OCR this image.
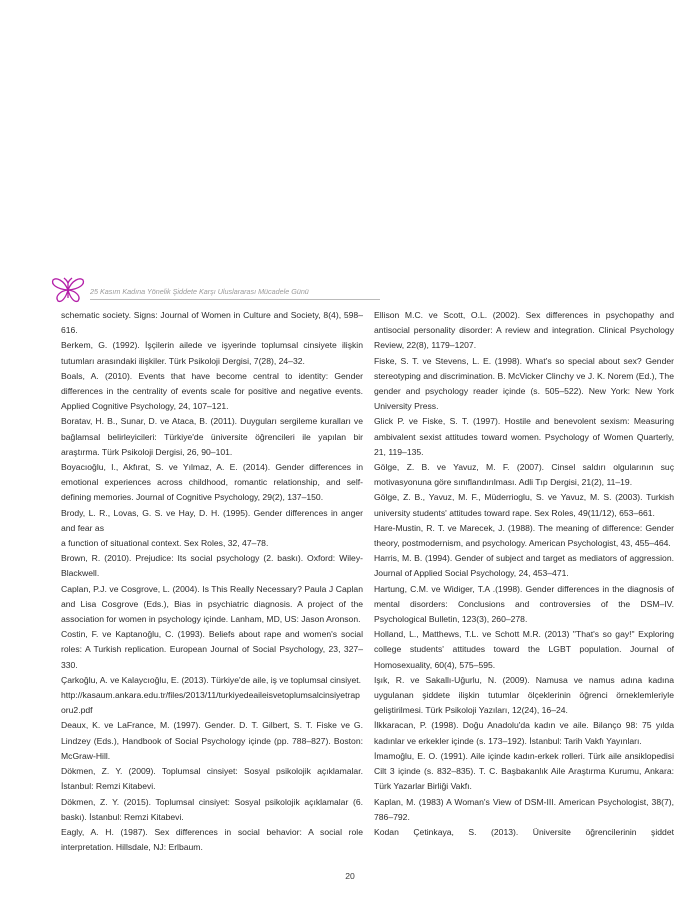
25 Kasım Kadına Yönelik Şiddete Karşı Uluslararası Mücadele Günü

schematic society. Signs: Journal of Women in Culture and Society, 8(4), 598–616.

Berkem, G. (1992). İşçilerin ailede ve işyerinde toplumsal cinsiyete ilişkin tutumları arasındaki ilişkiler. Türk Psikoloji Dergisi, 7(28), 24–32.

Boals, A. (2010). Events that have become central to identity: Gender differences in the centrality of events scale for positive and negative events. Applied Cognitive Psychology, 24, 107–121.

Boratav, H. B., Sunar, D. ve Ataca, B. (2011). Duyguları sergileme kuralları ve bağlamsal belirleyicileri: Türkiye'de üniversite öğrencileri ile yapılan bir araştırma. Türk Psikoloji Dergisi, 26, 90–101.

Boyacıoğlu, I., Akfırat, S. ve Yılmaz, A. E. (2014). Gender differences in emotional experiences across childhood, romantic relationship, and self-defining memories. Journal of Cognitive Psychology, 29(2), 137–150.

Brody, L. R., Lovas, G. S. ve Hay, D. H. (1995). Gender differences in anger and fear as

a function of situational context. Sex Roles, 32, 47–78.

Brown, R. (2010). Prejudice: Its social psychology (2. baskı). Oxford: Wiley-Blackwell.

Caplan, P.J. ve Cosgrove, L. (2004). Is This Really Necessary? Paula J Caplan and Lisa Cosgrove (Eds.), Bias in psychiatric diagnosis. A project of the association for women in psychology içinde. Lanham, MD, US: Jason Aronson.

Costin, F. ve Kaptanoğlu, C. (1993). Beliefs about rape and women's social roles: A Turkish replication. European Journal of Social Psychology, 23, 327–330.

Çarkoğlu, A. ve Kalaycıoğlu, E. (2013). Türkiye'de aile, iş ve toplumsal cinsiyet. http://kasaum.ankara.edu.tr/files/2013/11/turkiyedeaileisvetoplumsalcinsiyetraporu2.pdf

Deaux, K. ve LaFrance, M. (1997). Gender. D. T. Gilbert, S. T. Fiske ve G. Lindzey (Eds.), Handbook of Social Psychology içinde (pp. 788–827). Boston: McGraw-Hill.

Dökmen, Z. Y. (2009). Toplumsal cinsiyet: Sosyal psikolojik açıklamalar. İstanbul: Remzi Kitabevi.

Dökmen, Z. Y. (2015). Toplumsal cinsiyet: Sosyal psikolojik açıklamalar (6. baskı). İstanbul: Remzi Kitabevi.

Eagly, A. H. (1987). Sex differences in social behavior: A social role interpretation. Hillsdale, NJ: Erlbaum.

Ellison M.C. ve Scott, O.L. (2002). Sex differences in psychopathy and antisocial personality disorder: A review and integration. Clinical Psychology Review, 22(8), 1179–1207.

Fiske, S. T. ve Stevens, L. E. (1998). What's so special about sex? Gender stereotyping and discrimination. B. McVicker Clinchy ve J. K. Norem (Ed.), The gender and psychology reader içinde (s. 505–522). New York: New York University Press.

Glick P. ve Fiske, S. T. (1997). Hostile and benevolent sexism: Measuring ambivalent sexist attitudes toward women. Psychology of Women Quarterly, 21, 119–135.

Gölge, Z. B. ve Yavuz, M. F. (2007). Cinsel saldırı olgularının suç motivasyonuna göre sınıflandırılması. Adli Tıp Dergisi, 21(2), 11–19.

Gölge, Z. B., Yavuz, M. F., Müderrioglu, S. ve Yavuz, M. S. (2003). Turkish university students' attitudes toward rape. Sex Roles, 49(11/12), 653–661.

Hare-Mustin, R. T. ve Marecek, J. (1988). The meaning of difference: Gender theory, postmodernism, and psychology. American Psychologist, 43, 455–464.

Harris, M. B. (1994). Gender of subject and target as mediators of aggression. Journal of Applied Social Psychology, 24, 453–471.

Hartung, C.M. ve Widiger, T.A .(1998). Gender differences in the diagnosis of mental disorders: Conclusions and controversies of the DSM–IV. Psychological Bulletin, 123(3), 260–278.

Holland, L., Matthews, T.L. ve Schott M.R. (2013) "That's so gay!" Exploring college students' attitudes toward the LGBT population. Journal of Homosexuality, 60(4), 575–595.

Işık, R. ve Sakallı-Uğurlu, N. (2009). Namusa ve namus adına kadına uygulanan şiddete ilişkin tutumlar ölçeklerinin öğrenci örneklemleriyle geliştirilmesi. Türk Psikoloji Yazıları, 12(24), 16–24.

İlkkaracan, P. (1998). Doğu Anadolu'da kadın ve aile. Bilanço 98: 75 yılda kadınlar ve erkekler içinde (s. 173–192). İstanbul: Tarih Vakfı Yayınları.

İmamoğlu, E. O. (1991). Aile içinde kadın-erkek rolleri. Türk aile ansiklopedisi Cilt 3 içinde (s. 832–835). T. C. Başbakanlık Aile Araştırma Kurumu, Ankara: Türk Yazarlar Birliği Vakfı.

Kaplan, M. (1983) A Woman's View of DSM-III. American Psychologist, 38(7), 786–792.

Kodan Çetinkaya, S. (2013). Üniversite öğrencilerinin şiddet

20
